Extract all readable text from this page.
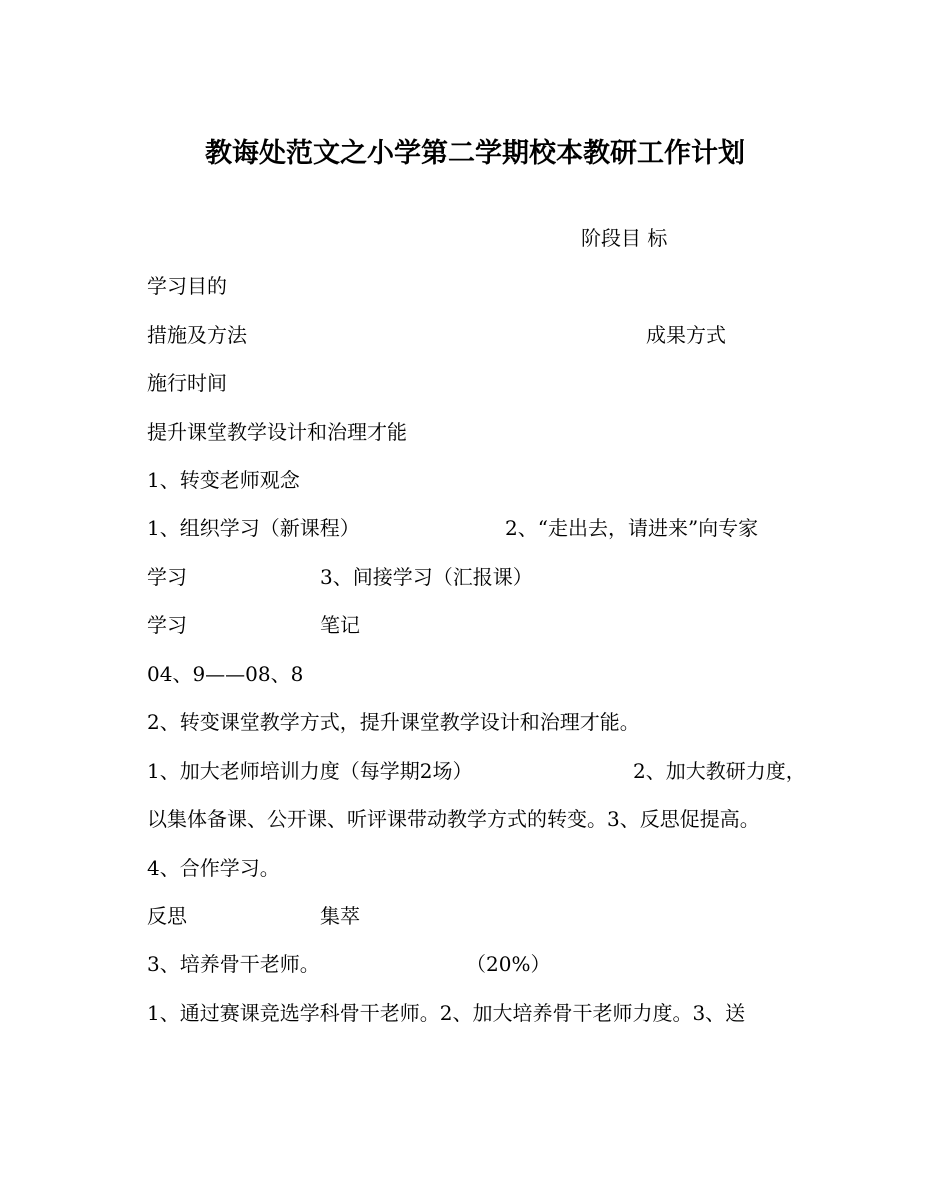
教诲处范文之小学第二学期校本教研工作计划
阶段目 标
学习目的
措施及方法	成果方式
施行时间
提升课堂教学设计和治理才能
1、转变老师观念
1、组织学习（新课程）	2、“走出去，请进来”向专家
学习	3、间接学习（汇报课）
学习	笔记
04、9——08、8
2、转变课堂教学方式，提升课堂教学设计和治理才能。
1、加大老师培训力度（每学期2场）	2、加大教研力度，
以集体备课、公开课、听评课带动教学方式的转变。3、反思促提高。
4、合作学习。
反思	集萃
3、培养骨干老师。	（20%）
1、通过赛课竞选学科骨干老师。2、加大培养骨干老师力度。3、送
